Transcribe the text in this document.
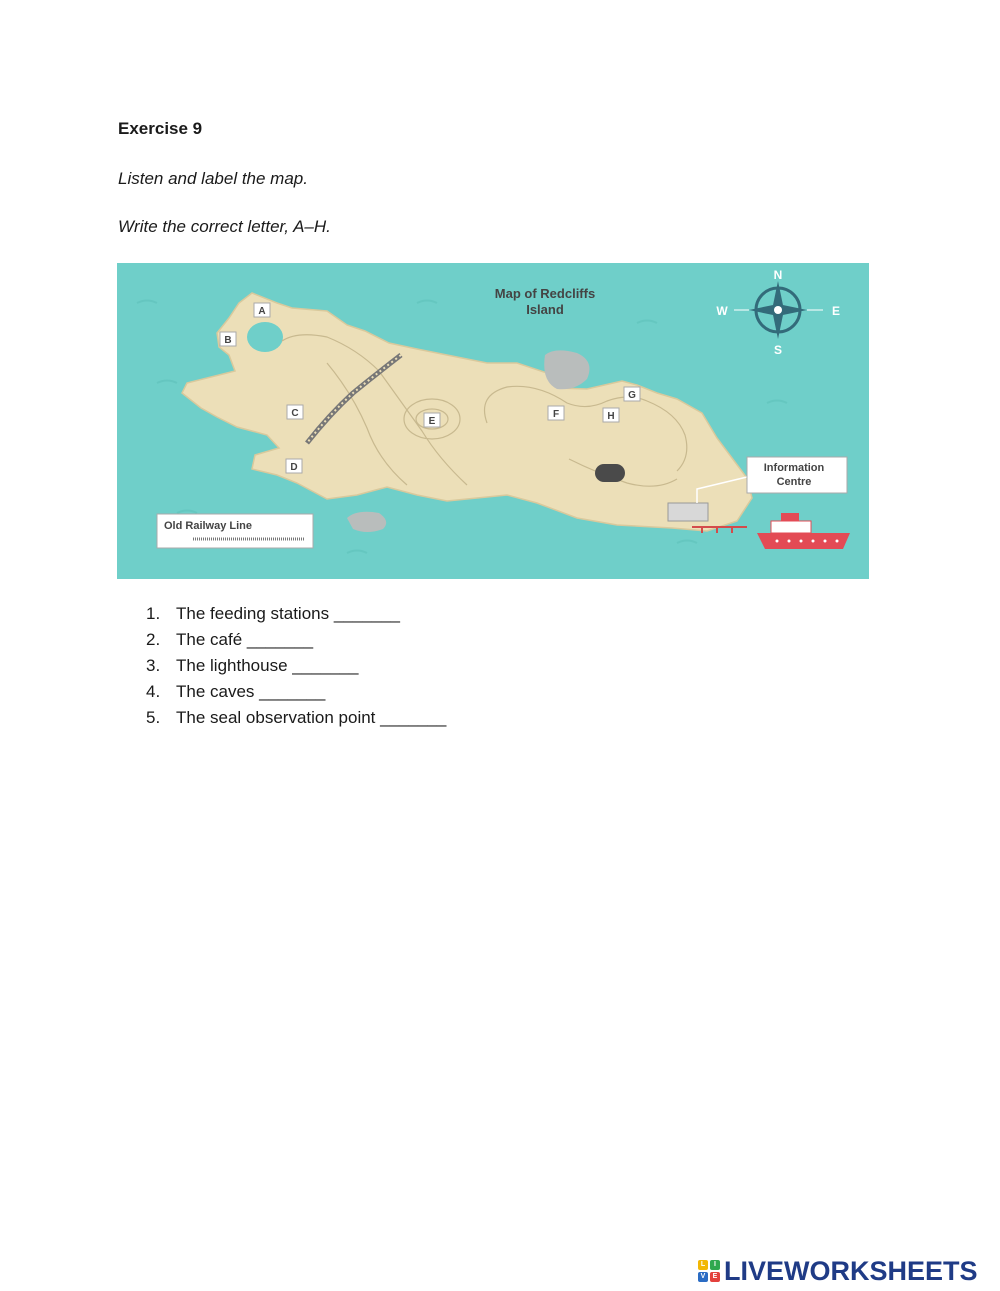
Exercise 9
Listen and label the map.
Write the correct letter, A–H.
Map of Redcliffs
Island
N
S
W	E
Information
Centre
Old Railway Line
A
B
C
D
E
F
G
H
1. The feeding stations _______
2. The café _______
3. The lighthouse _______
4. The caves _______
5. The seal observation point _______
L	I
V	E LIVEWORKSHEETS
